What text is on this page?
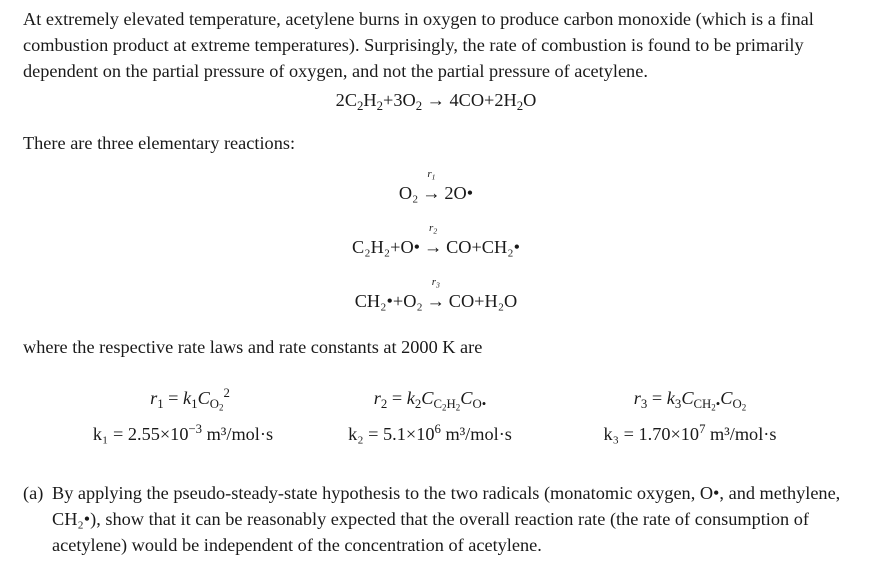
At extremely elevated temperature, acetylene burns in oxygen to produce carbon monoxide (which is a final combustion product at extreme temperatures). Surprisingly, the rate of combustion is found to be primarily dependent on the partial pressure of oxygen, and not the partial pressure of acetylene.

$2C_2H_2+3O_2 \to 4CO+2H_2O$
There are three elementary reactions:
O₂
$r_1$
→ 2O•
C₂H₂+O•
$r_2$
→ CO+CH₂•
CH₂•+O₂
$r_3$
→ CO+H₂O
where the respective rate laws and rate constants at 2000 K are
$r_1 = k_1C_{O_2}^2$
$k_1 = 2.55\times 10^{-3}$ m³/mol·s
$r_2 = k_2C_{C_2H_2}C_{O•}$
$k_2 = 5.1\times 10^6$ m³/mol·s
$r_3 = k_3C_{CH_2•}C_{O_2}$
$k_3 = 1.70\times 10^7$ m³/mol·s
(a) By applying the pseudo-steady-state hypothesis to the two radicals (monatomic oxygen, O•, and methylene, CH₂•), show that it can be reasonably expected that the overall reaction rate (the rate of consumption of acetylene) would be independent of the concentration of acetylene.
